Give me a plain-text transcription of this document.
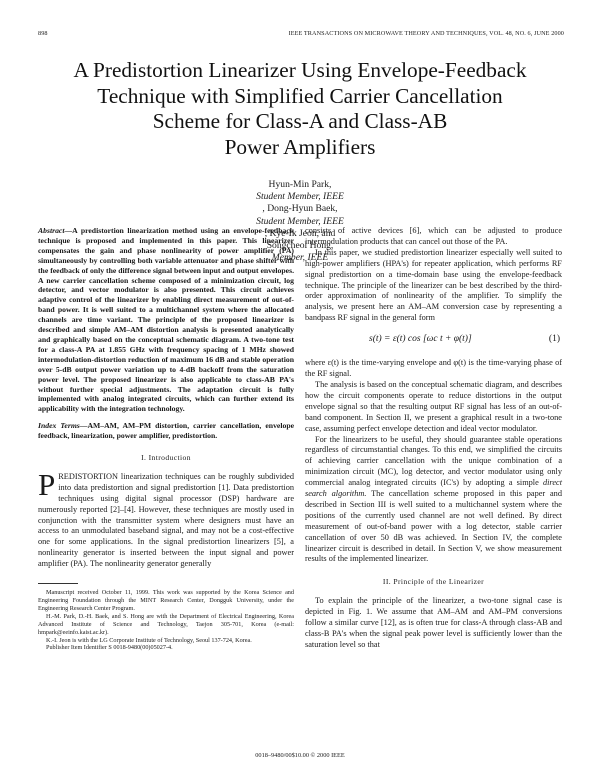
898	IEEE TRANSACTIONS ON MICROWAVE THEORY AND TECHNIQUES, VOL. 48, NO. 6, JUNE 2000
A Predistortion Linearizer Using Envelope-Feedback
Technique with Simplified Carrier Cancellation
Scheme for Class-A and Class-AB
Power Amplifiers
Hyun-Min Park,
Student Member, IEEE
, Dong-Hyun Baek,
Student Member, IEEE
, Kye-Ik Jeon, and
Songcheol Hong,
Member, IEEE
Abstract—A predistortion linearization method using an envelope-feedback technique is proposed and implemented in this paper. This linearizer compensates the gain and phase nonlinearity of power amplifier (PA) simultaneously by controlling both variable attenuator and phase shifter with the feedback of only the difference signal between input and output envelopes. A new carrier cancellation scheme composed of a minimization circuit, log detector, and vector modulator is also presented. This circuit achieves adaptive control of the linearizer by enabling direct measurement of out-of-band power. It is well suited to a multichannel system where the allocated channels are time variant. The principle of the proposed linearizer is described and simple AM–AM distortion analysis is presented analytically and graphically based on the conceptual schematic diagram. A two-tone test for a class-A PA at 1.855 GHz with frequency spacing of 1 MHz showed intermodulation-distortion reduction of maximum 16 dB and stable operation over 5-dB output power variation up to 4-dB backoff from the saturation power level. The proposed linearizer is also applicable to class-AB PA's without further special adjustments. The adaptation circuit is fully implemented with analog integrated circuits, which can further extend its applicability with the integration technology.
Index Terms—AM–AM, AM–PM distortion, carrier cancellation, envelope feedback, linearization, power amplifier, predistortion.
I. Introduction

PREDISTORTION linearization techniques can be roughly subdivided into data predistortion and signal predistortion [1]. Data predistortion techniques using digital signal processor (DSP) hardware are numerously reported [2]–[4]. However, these techniques are mostly used in conjunction with the transmitter system where designers must have an access to an unmodulated baseband signal, and may not be a cost-effective one for some applications. In the signal predistortion linearizers [5], a nonlinearity generator is inserted between the input signal and power amplifier (PA). The nonlinearity generator generally

Manuscript received October 11, 1999. This work was supported by the Korea Science and Engineering Foundation through the MINT Research Center, Dongguk University, under the Engineering Research Center Program.

H.-M. Park, D.-H. Baek, and S. Hong are with the Department of Electrical Engineering, Korea Advanced Institute of Science and Technology, Taejon 305-701, Korea (e-mail: hmpark@eeinfo.kaist.ac.kr).

K.-I. Jeon is with the LG Corporate Institute of Technology, Seoul 137-724, Korea.

Publisher Item Identifier S 0018-9480(00)05027-4.

consists of active devices [6], which can be adjusted to produce intermodulation products that can cancel out those of the PA.

In this paper, we studied predistortion linearizer especially well suited to high-power amplifiers (HPA's) for repeater application, which performs RF signal predistortion on a time-domain base using the envelope-feedback technique. The principle of the linearizer can be best described by the third-order approximation of nonlinearity of the amplifier. To simplify the analysis, we present here an AM–AM conversion case by representing a bandpass RF signal in the general form

s(t) = ε(t) cos [ωc t + φ(t)]	(1)

where ε(t) is the time-varying envelope and φ(t) is the time-varying phase of the RF signal.

The analysis is based on the conceptual schematic diagram, and describes how the circuit components operate to reduce distortions in the output envelope signal so that the resulting output RF signal has less of an out-of-band component. In Section II, we present a graphical result in a two-tone case, assuming perfect envelope detection and ideal vector modulator.

For the linearizers to be useful, they should guarantee stable operations regardless of circumstantial changes. To this end, we simplified the circuits of achieving carrier cancellation with the unique combination of a minimization circuit (MC), log detector, and vector modulator using only commercial analog integrated circuits (IC's) by adopting a simple direct search algorithm. The cancellation scheme proposed in this paper and described in Section III is well suited to a multichannel system where the positions of the currently used channel are not well defined. By direct measurement of out-of-band power with a log detector, stable carrier cancellation of over 50 dB was achieved. In Section IV, the complete linearizer circuit is described in detail. In Section V, we show measurement results of the implemented linearizer.

II. Principle of the Linearizer

To explain the principle of the linearizer, a two-tone signal case is depicted in Fig. 1. We assume that AM–AM and AM–PM conversions follow a similar curve [12], as is often true for class-A through class-AB and class-B PA's when the signal peak power level is sufficiently lower than the saturation level so that

0018–9480/00$10.00 © 2000 IEEE
